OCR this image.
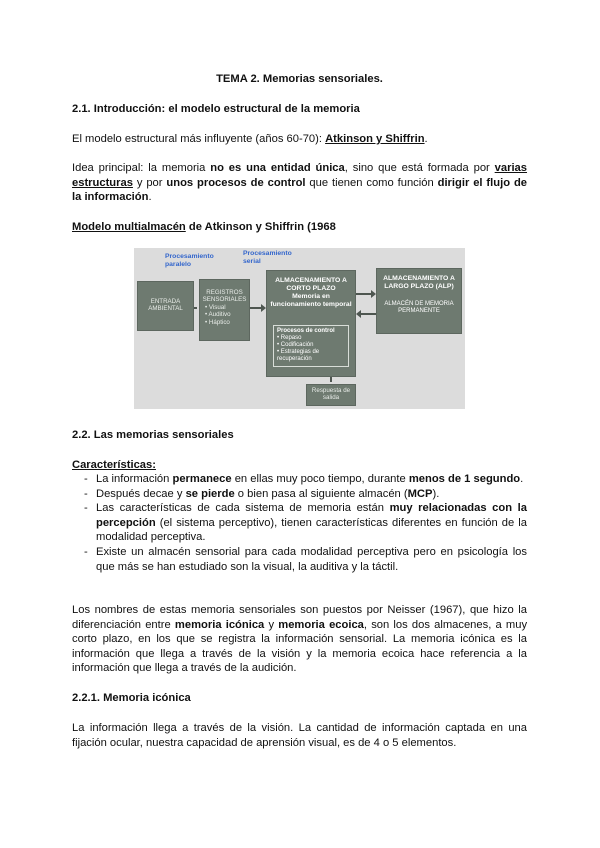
TEMA 2. Memorias sensoriales.
2.1. Introducción: el modelo estructural de la memoria
El modelo estructural más influyente (años 60-70): Atkinson y Shiffrin.
Idea principal: la memoria no es una entidad única, sino que está formada por varias estructuras y por unos procesos de control que tienen como función dirigir el flujo de la información.
Modelo multialmacén de Atkinson y Shiffrin (1968
Procesamiento paralelo
Procesamiento serial
ENTRADA AMBIENTAL
REGISTROS SENSORIALES
• Visual
• Auditivo
• Háptico
ALMACENAMIENTO A CORTO PLAZO
Memoria en funcionamiento temporal
Procesos de control
• Repaso
• Codificación
• Estrategias de recuperación
ALMACENAMIENTO A LARGO PLAZO (ALP)
ALMACÉN DE MEMORIA PERMANENTE
Respuesta de salida
2.2. Las memorias sensoriales
Características:
- La información permanece en ellas muy poco tiempo, durante menos de 1 segundo.
- Después decae y se pierde o bien pasa al siguiente almacén (MCP).
- Las características de cada sistema de memoria están muy relacionadas con la percepción (el sistema perceptivo), tienen características diferentes en función de la modalidad perceptiva.
- Existe un almacén sensorial para cada modalidad perceptiva pero en psicología los que más se han estudiado son la visual, la auditiva y la táctil.
Los nombres de estas memoria sensoriales son puestos por Neisser (1967), que hizo la diferenciación entre memoria icónica y memoria ecoica, son los dos almacenes, a muy corto plazo, en los que se registra la información sensorial. La memoria icónica es la información que llega a través de la visión y la memoria ecoica hace referencia a la información que llega a través de la audición.
2.2.1. Memoria icónica
La información llega a través de la visión. La cantidad de información captada en una fijación ocular, nuestra capacidad de aprensión visual, es de 4 o 5 elementos.
